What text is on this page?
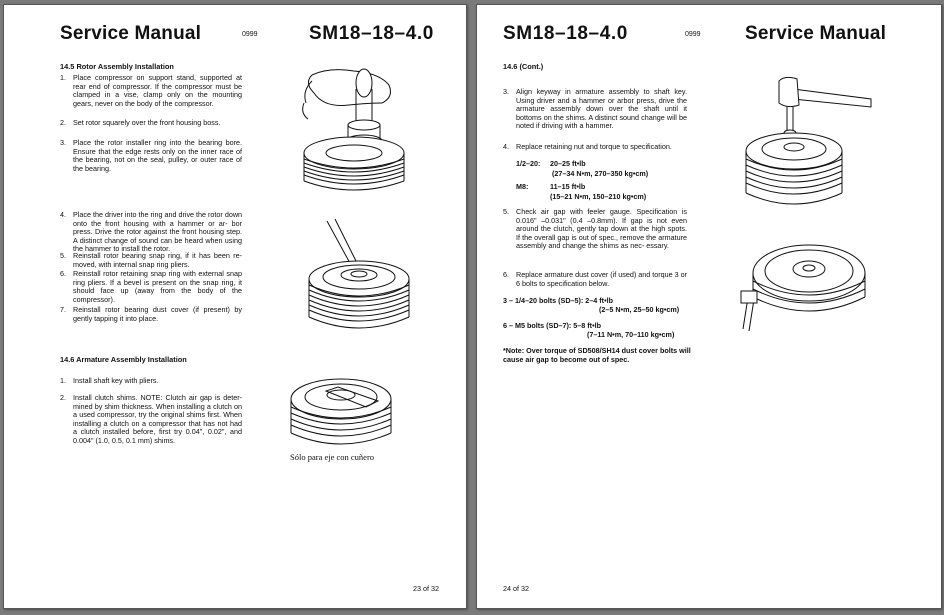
Service Manual	0999	SM18–18–4.0
14.5 Rotor Assembly Installation
1. Place compressor on support stand, supported at rear end of compressor. If the compressor must be clamped in a vise, clamp only on the mounting gears, never on the body of the compressor.
2. Set rotor squarely over the front housing boss.
3. Place the rotor installer ring into the bearing bore. Ensure that the edge rests only on the inner race of the bearing, not on the seal, pulley, or outer race of the bearing.
4. Place the driver into the ring and drive the rotor down onto the front housing with a hammer or ar- bor press. Drive the rotor against the front housing step. A distinct change of sound can be heard when using the hammer to install the rotor.
5. Reinstall rotor bearing snap ring, if it has been re- moved, with internal snap ring pliers.
6. Reinstall rotor retaining snap ring with external snap ring pliers. If a bevel is present on the snap ring, it should face up (away from the body of the compressor).
7. Reinstall rotor bearing dust cover (if present) by gently tapping it into place.
14.6 Armature Assembly Installation
1. Install shaft key with pliers.
2. Install clutch shims. NOTE: Clutch air gap is deter- mined by shim thickness. When installing a clutch on a used compressor, try the original shims first. When installing a clutch on a compressor that has not had a clutch installed before, first try 0.04", 0.02", and 0.004" (1.0, 0.5, 0.1 mm) shims.
Sólo para eje con cuñero
23 of 32
SM18–18–4.0	0999 Service Manual
14.6 (Cont.)
3. Align keyway in armature assembly to shaft key. Using driver and a hammer or arbor press, drive the armature assembly down over the shaft until it bottoms on the shims. A distinct sound change will be noted if driving with a hammer.
4. Replace retaining nut and torque to specification.
1/2–20: 20–25 ft•lb
(27–34 N•m, 270–350 kg•cm)
M8:	11–15 ft•lb
(15–21 N•m, 150–210 kg•cm)
5. Check air gap with feeler gauge. Specification is 0.016" –0.031" (0.4 –0.8mm). If gap is not even around the clutch, gently tap down at the high spots. If the overall gap is out of spec., remove the armature assembly and change the shims as nec- essary.
6. Replace armature dust cover (if used) and torque 3 or 6 bolts to specification below.
3 – 1/4–20 bolts (SD–5): 2–4 ft•lb
(2–5 N•m, 25–50 kg•cm)
6 – M5 bolts (SD–7): 5–8 ft•lb
(7–11 N•m, 70–110 kg•cm)
*Note: Over torque of SD508/SH14 dust cover bolts will cause air gap to become out of spec.
24 of 32
